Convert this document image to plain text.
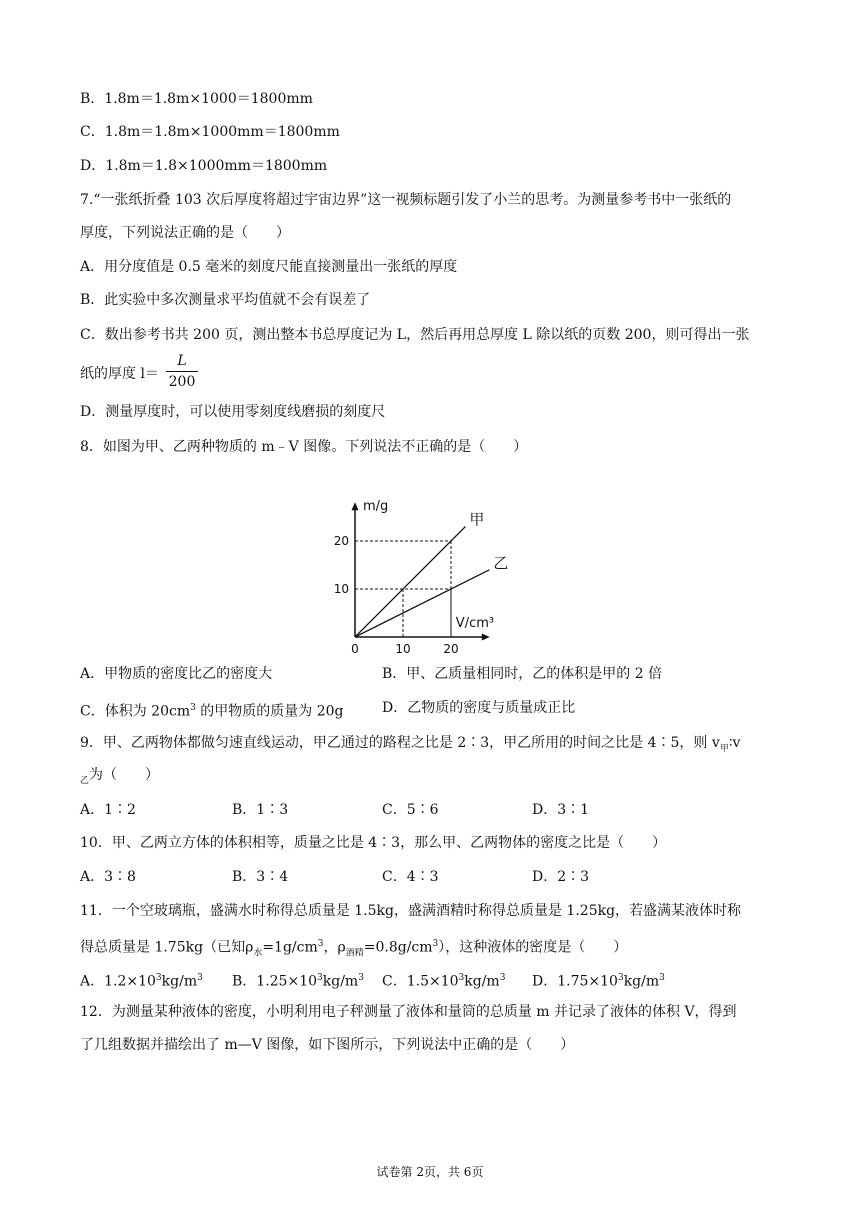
B．1.8m＝1.8m×1000＝1800mm
C．1.8m＝1.8m×1000mm＝1800mm
D．1.8m＝1.8×1000mm＝1800mm
7.“一张纸折叠 103 次后厚度将超过宇宙边界”这一视频标题引发了小兰的思考。为测量参考书中一张纸的
厚度，下列说法正确的是（　　）
A．用分度值是 0.5 毫米的刻度尺能直接测量出一张纸的厚度
B．此实验中多次测量求平均值就不会有误差了
C．数出参考书共 200 页，测出整本书总厚度记为 L，然后再用总厚度 L 除以纸的页数 200，则可得出一张
纸的厚度 l＝
L
200
D．测量厚度时，可以使用零刻度线磨损的刻度尺
8．如图为甲、乙两种物质的 m﹣V 图像。下列说法不正确的是（　　）
m/g
V/cm³
0	10	20
10
20
甲
乙
A．甲物质的密度比乙的密度大	B．甲、乙质量相同时，乙的体积是甲的 2 倍
C．体积为 $20cm^3$ 的甲物质的质量为 20g	D．乙物质的密度与质量成正比
9．甲、乙两物体都做匀速直线运动，甲乙通过的路程之比是 2∶3，甲乙所用的时间之比是 4∶5，则 $v_甲∶v$
$_乙$为（　　）
A．1∶2	B．1∶3	C．5∶6	D．3∶1
10．甲、乙两立方体的体积相等，质量之比是 4∶3，那么甲、乙两物体的密度之比是（　　）
A．3∶8	B．3∶4	C．4∶3	D．2∶3
11．一个空玻璃瓶，盛满水时称得总质量是 1.5kg，盛满酒精时称得总质量是 1.25kg，若盛满某液体时称
得总质量是 1.75kg（已知$\rho_水=1g/cm^3$，$\rho_{酒精}=0.8g/cm^3$），这种液体的密度是（　　）
A．$1.2\times 10^3kg/m^3$ B．$1.25\times 10^3kg/m^3$ C．$1.5\times 10^3kg/m^3$ D．$1.75\times 10^3kg/m^3$
12．为测量某种液体的密度，小明利用电子秤测量了液体和量筒的总质量 m 并记录了液体的体积 V，得到
了几组数据并描绘出了 m—V 图像，如下图所示，下列说法中正确的是（　　）
试卷第 2页，共 6页
